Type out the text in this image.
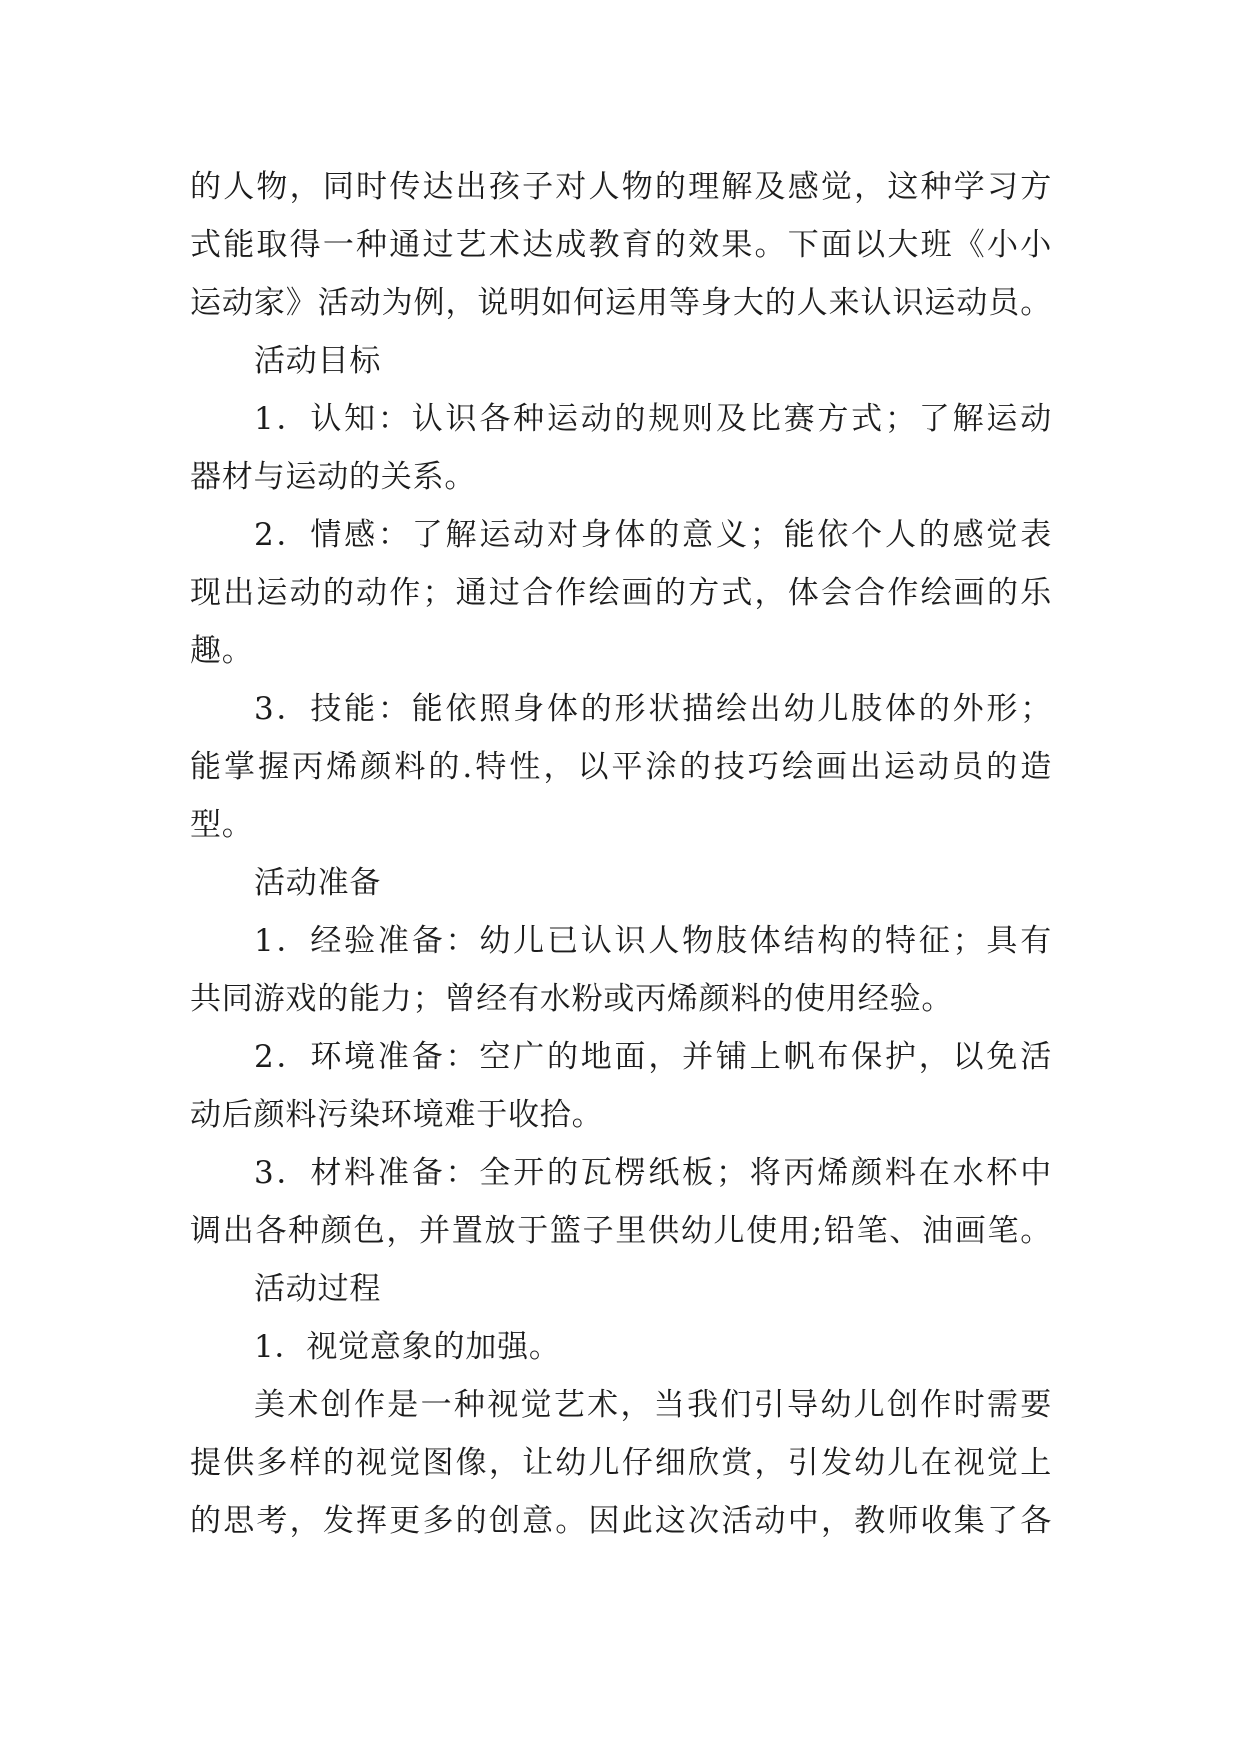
的人物，同时传达出孩子对人物的理解及感觉，这种学习方
式能取得一种通过艺术达成教育的效果。下面以大班《小小
运动家》活动为例，说明如何运用等身大的人来认识运动员。
活动目标
1．认知：认识各种运动的规则及比赛方式；了解运动
器材与运动的关系。
2．情感：了解运动对身体的意义；能依个人的感觉表
现出运动的动作；通过合作绘画的方式，体会合作绘画的乐
趣。
3．技能：能依照身体的形状描绘出幼儿肢体的外形；
能掌握丙烯颜料的.特性，以平涂的技巧绘画出运动员的造
型。
活动准备
1．经验准备：幼儿已认识人物肢体结构的特征；具有
共同游戏的能力；曾经有水粉或丙烯颜料的使用经验。
2．环境准备：空广的地面，并铺上帆布保护，以免活
动后颜料污染环境难于收拾。
3．材料准备：全开的瓦楞纸板；将丙烯颜料在水杯中
调出各种颜色，并置放于篮子里供幼儿使用;铅笔、油画笔。
活动过程
1．视觉意象的加强。
美术创作是一种视觉艺术，当我们引导幼儿创作时需要
提供多样的视觉图像，让幼儿仔细欣赏，引发幼儿在视觉上
的思考，发挥更多的创意。因此这次活动中，教师收集了各
